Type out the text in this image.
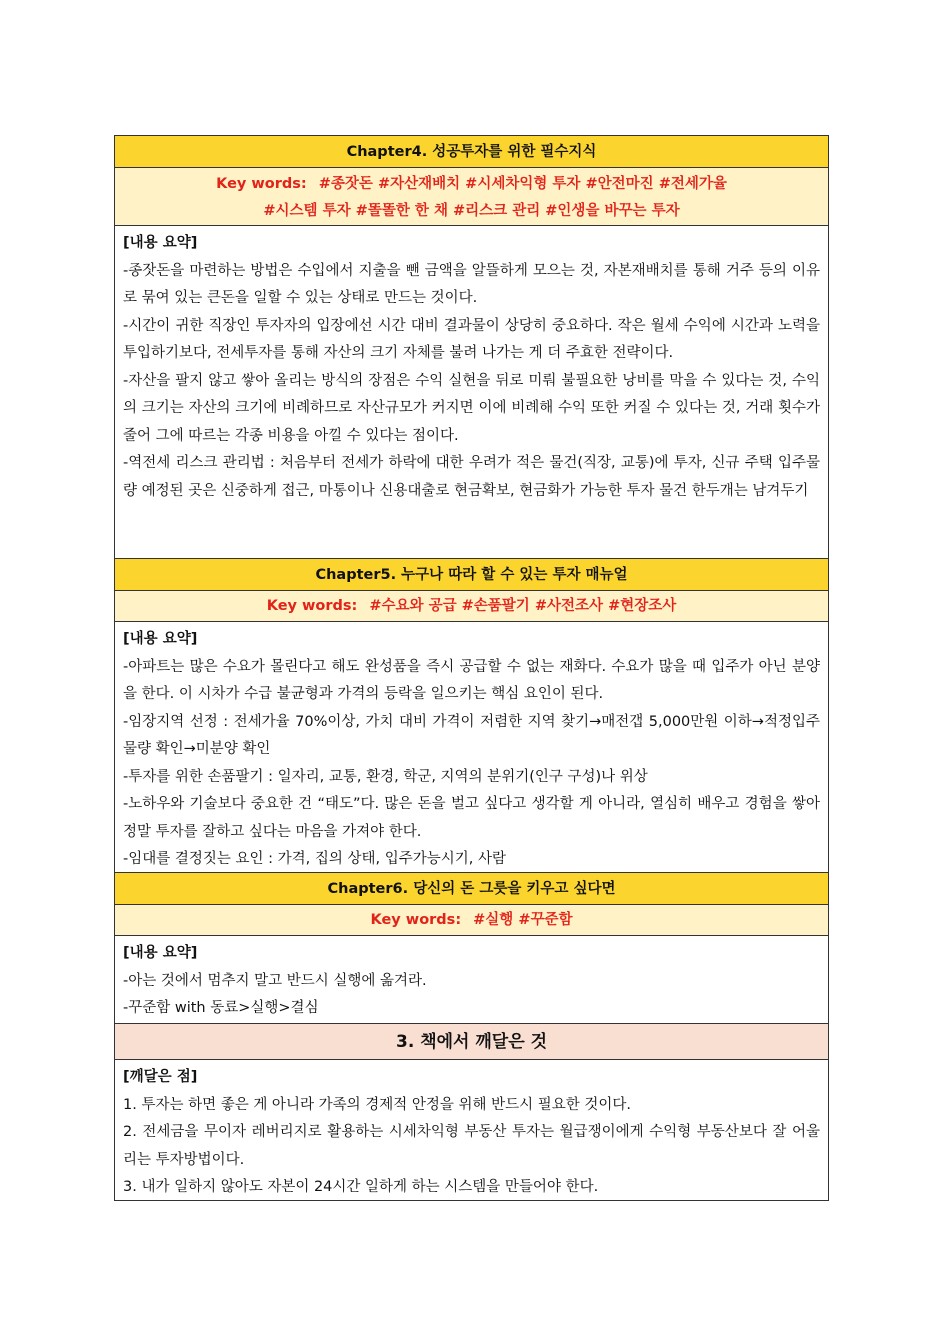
Chapter4. 성공투자를 위한 필수지식
Key words: #종잣돈 #자산재배치 #시세차익형 투자 #안전마진 #전세가율
#시스템 투자 #똘똘한 한 채 #리스크 관리 #인생을 바꾸는 투자

[내용 요약]

-종잣돈을 마련하는 방법은 수입에서 지출을 뺀 금액을 알뜰하게 모으는 것, 자본재배치를 통해 거주 등의 이유로 묶여 있는 큰돈을 일할 수 있는 상태로 만드는 것이다.

-시간이 귀한 직장인 투자자의 입장에선 시간 대비 결과물이 상당히 중요하다. 작은 월세 수익에 시간과 노력을 투입하기보다, 전세투자를 통해 자산의 크기 자체를 불려 나가는 게 더 주효한 전략이다.

-자산을 팔지 않고 쌓아 올리는 방식의 장점은 수익 실현을 뒤로 미뤄 불필요한 낭비를 막을 수 있다는 것, 수익의 크기는 자산의 크기에 비례하므로 자산규모가 커지면 이에 비례해 수익 또한 커질 수 있다는 것, 거래 횟수가 줄어 그에 따르는 각종 비용을 아낄 수 있다는 점이다.

-역전세 리스크 관리법 : 처음부터 전세가 하락에 대한 우려가 적은 물건(직장, 교통)에 투자, 신규 주택 입주물량 예정된 곳은 신중하게 접근, 마통이나 신용대출로 현금확보, 현금화가 가능한 투자 물건 한두개는 남겨두기

Chapter5. 누구나 따라 할 수 있는 투자 매뉴얼
Key words: #수요와 공급 #손품팔기 #사전조사 #현장조사

[내용 요약]

-아파트는 많은 수요가 몰린다고 해도 완성품을 즉시 공급할 수 없는 재화다. 수요가 많을 때 입주가 아닌 분양을 한다. 이 시차가 수급 불균형과 가격의 등락을 일으키는 핵심 요인이 된다.

-임장지역 선정 : 전세가율 70%이상, 가치 대비 가격이 저렴한 지역 찾기→매전갭 5,000만원 이하→적정입주물량 확인→미분양 확인

-투자를 위한 손품팔기 : 일자리, 교통, 환경, 학군, 지역의 분위기(인구 구성)나 위상

-노하우와 기술보다 중요한 건 “태도”다. 많은 돈을 벌고 싶다고 생각할 게 아니라, 열심히 배우고 경험을 쌓아 정말 투자를 잘하고 싶다는 마음을 가져야 한다.

-임대를 결정짓는 요인 : 가격, 집의 상태, 입주가능시기, 사람

Chapter6. 당신의 돈 그릇을 키우고 싶다면
Key words: #실행 #꾸준함

[내용 요약]

-아는 것에서 멈추지 말고 반드시 실행에 옮겨라.

-꾸준함 with 동료>실행>결심

3. 책에서 깨달은 것

[깨달은 점]

1. 투자는 하면 좋은 게 아니라 가족의 경제적 안정을 위해 반드시 필요한 것이다.

2. 전세금을 무이자 레버리지로 활용하는 시세차익형 부동산 투자는 월급쟁이에게 수익형 부동산보다 잘 어울리는 투자방법이다.

3. 내가 일하지 않아도 자본이 24시간 일하게 하는 시스템을 만들어야 한다.
